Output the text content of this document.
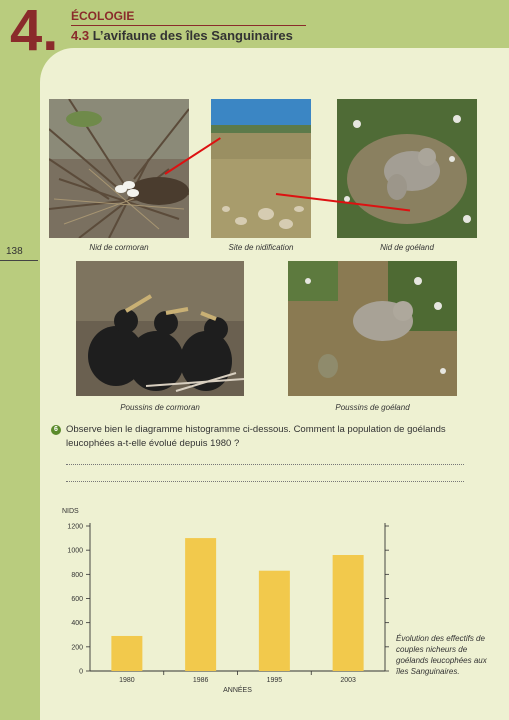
4. ÉCOLOGIE
4.3 L’avifaune des îles Sanguinaires
138	Nid de cormoran	Site de nidification	Nid de goéland
Poussins de cormoran	Poussins de goéland
6 Observe bien le diagramme histogramme ci-dessous. Comment la population de goélands leucophées a-t-elle évolué depuis 1980 ?
NIDS
0
200
400
600
800
1000
1200
1980	1986	1995	2003
ANNÉES
Évolution des effectifs de couples nicheurs de goélands leucophées aux îles Sanguinaires.
